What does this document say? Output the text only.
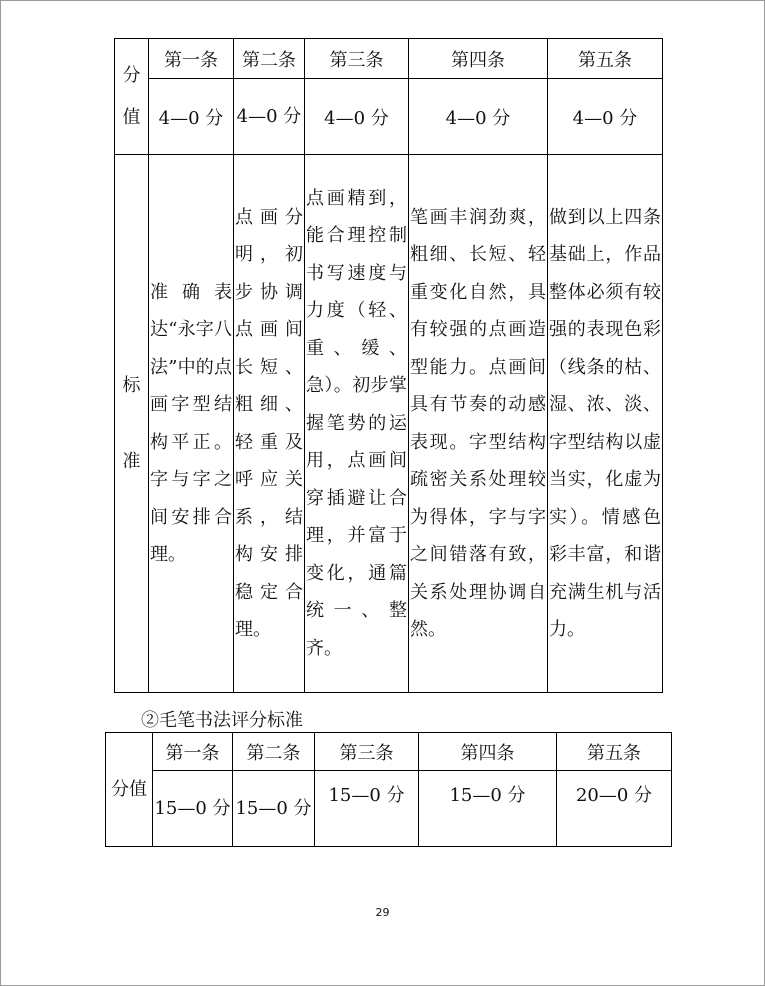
分值	第一条	第二条	第三条	第四条	第五条
	4—0 分	4—0 分	4—0 分	4—0 分	4—0 分
标准	准确表达“永字八法”中的点画字型结构平正。字与字之间安排合理。	点画分明，初步协调点画间长短、粗细、轻重及呼应关系，结构安排稳定合理。	点画精到，能合理控制书写速度与力度（轻、重、缓、急）。初步掌握笔势的运用，点画间穿插避让合理，并富于变化，通篇统一、整齐。	笔画丰润劲爽，粗细、长短、轻重变化自然，具有较强的点画造型能力。点画间具有节奏的动感表现。字型结构疏密关系处理较为得体，字与字之间错落有致，关系处理协调自然。	做到以上四条基础上，作品整体必须有较强的表现色彩（线条的枯、湿、浓、淡、字型结构以虚当实，化虚为实）。情感色彩丰富，和谐充满生机与活力。
②毛笔书法评分标准
分值	第一条	第二条	第三条	第四条	第五条
	15—0 分	15—0 分	15—0 分	15—0 分	20—0 分
29
